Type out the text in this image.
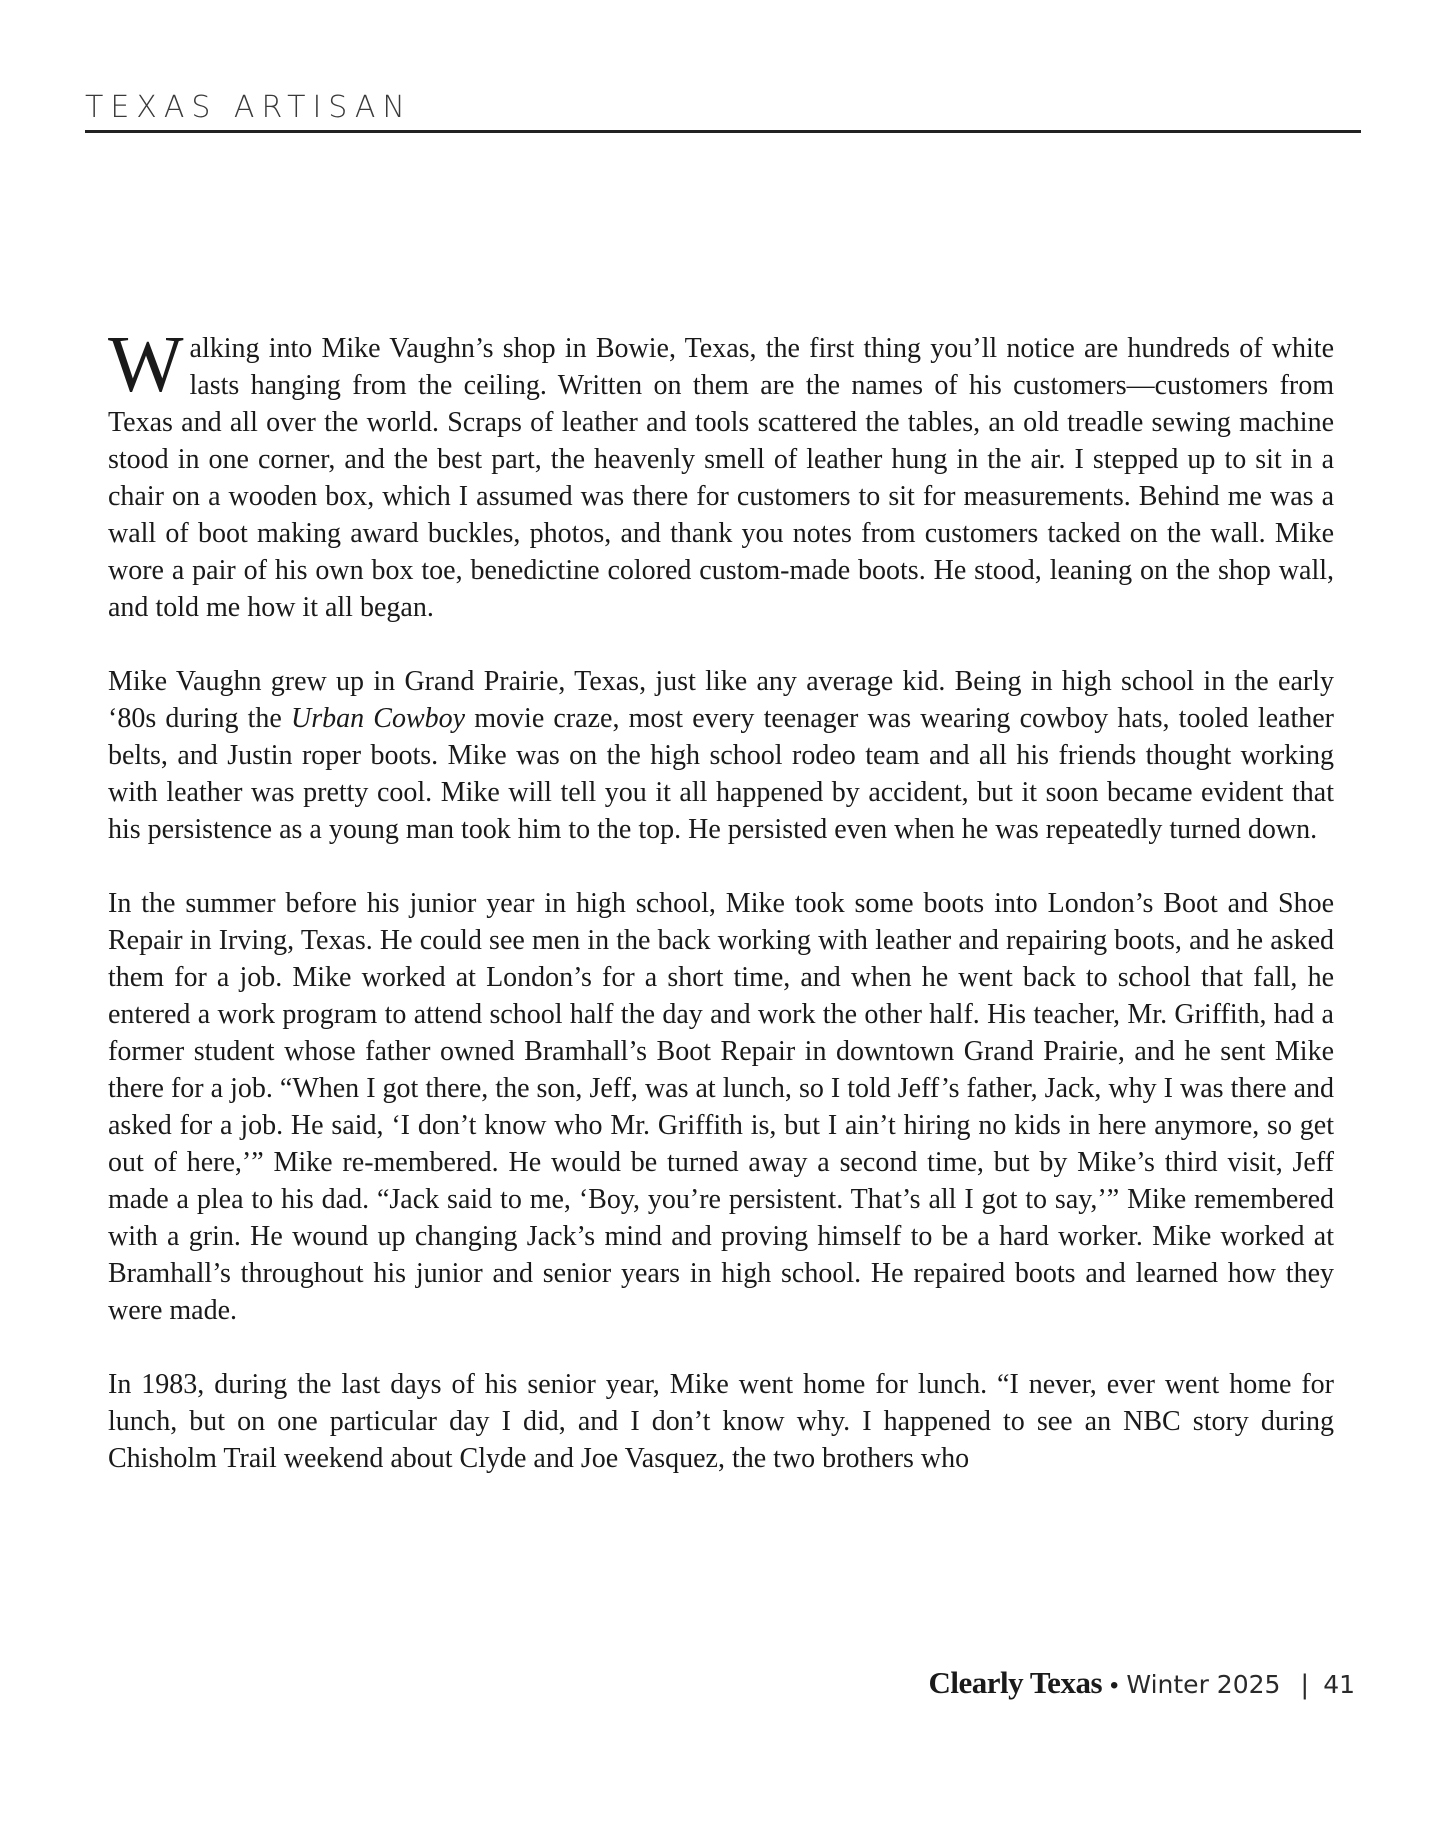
TEXAS ARTISAN

Walking into Mike Vaughn’s shop in Bowie, Texas, the first thing you’ll notice are hundreds of white lasts hanging from the ceiling. Written on them are the names of his customers—customers from Texas and all over the world. Scraps of leather and tools scattered the tables, an old treadle sewing machine stood in one corner, and the best part, the heavenly smell of leather hung in the air. I stepped up to sit in a chair on a wooden box, which I assumed was there for customers to sit for measurements. Behind me was a wall of boot making award buckles, photos, and thank you notes from customers tacked on the wall. Mike wore a pair of his own box toe, benedictine colored custom-made boots. He stood, leaning on the shop wall, and told me how it all began.

Mike Vaughn grew up in Grand Prairie, Texas, just like any average kid. Being in high school in the early ‘80s during the Urban Cowboy movie craze, most every teenager was wearing cowboy hats, tooled leather belts, and Justin roper boots. Mike was on the high school rodeo team and all his friends thought working with leather was pretty cool. Mike will tell you it all happened by accident, but it soon became evident that his persistence as a young man took him to the top. He persisted even when he was repeatedly turned down.

In the summer before his junior year in high school, Mike took some boots into London’s Boot and Shoe Repair in Irving, Texas. He could see men in the back working with leather and repairing boots, and he asked them for a job. Mike worked at London’s for a short time, and when he went back to school that fall, he entered a work program to attend school half the day and work the other half. His teacher, Mr. Griffith, had a former student whose father owned Bramhall’s Boot Repair in downtown Grand Prairie, and he sent Mike there for a job. “When I got there, the son, Jeff, was at lunch, so I told Jeff’s father, Jack, why I was there and asked for a job. He said, ‘I don’t know who Mr. Griffith is, but I ain’t hiring no kids in here anymore, so get out of here,’” Mike re-membered. He would be turned away a second time, but by Mike’s third visit, Jeff made a plea to his dad. “Jack said to me, ‘Boy, you’re persistent. That’s all I got to say,’” Mike remembered with a grin. He wound up changing Jack’s mind and proving himself to be a hard worker. Mike worked at Bramhall’s throughout his junior and senior years in high school. He repaired boots and learned how they were made.

In 1983, during the last days of his senior year, Mike went home for lunch. “I never, ever went home for lunch, but on one particular day I did, and I don’t know why. I happened to see an NBC story during Chisholm Trail weekend about Clyde and Joe Vasquez, the two brothers who

Clearly Texas • Winter 2025 | 41
